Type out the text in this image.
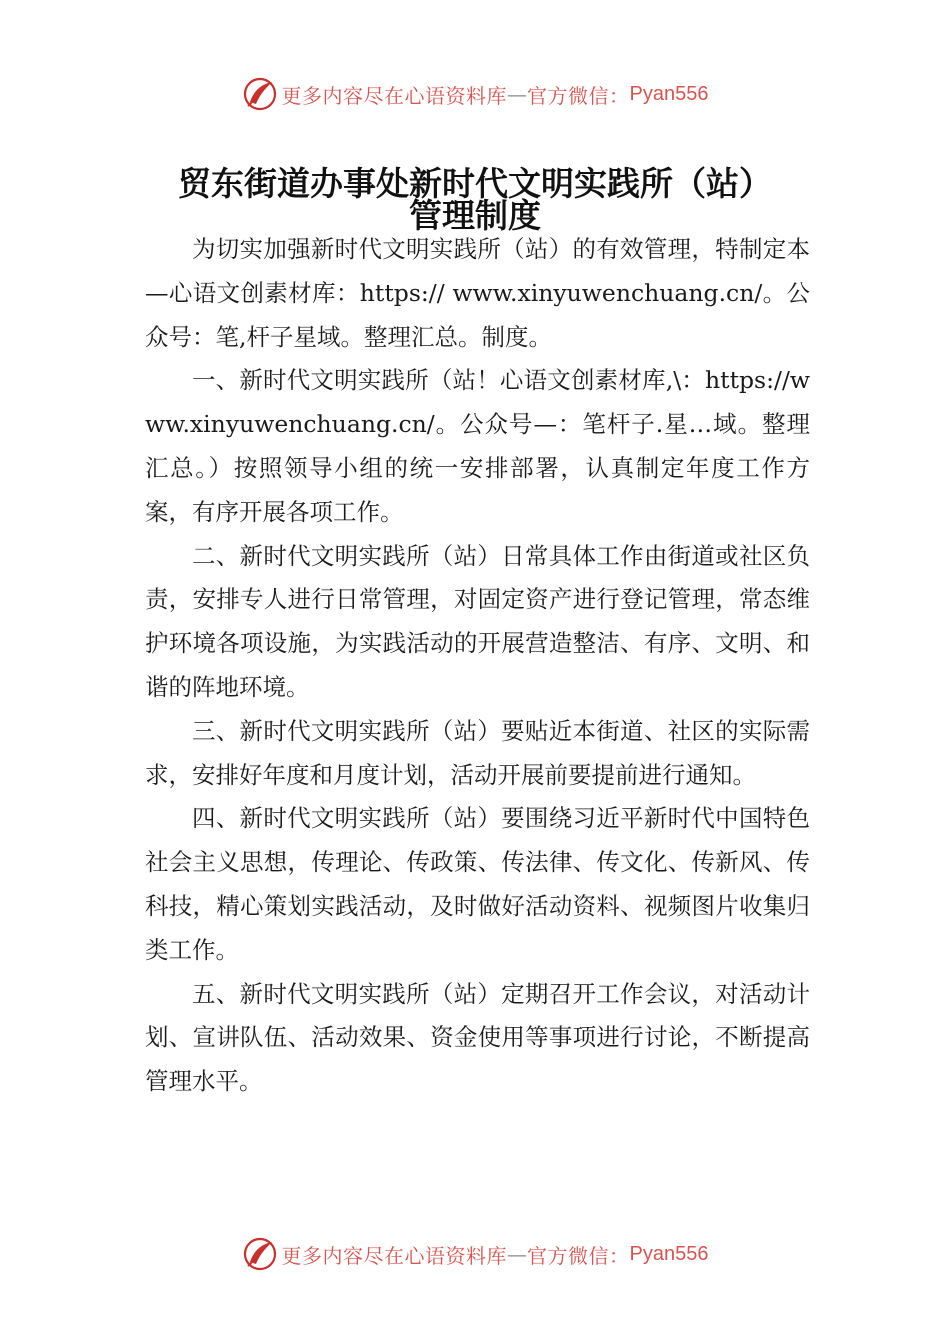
更多内容尽在心语资料库 — 官方微信： Pyan556
贸东街道办事处新时代文明实践所（站）
管理制度

为切实加强新时代文明实践所（站）的有效管理，特制定本—心语文创素材库：https:// www.xinyuwenchuang.cn/。公众号：笔,杆子星域。整理汇总。制度。

一、新时代文明实践所（站！心语文创素材库,\：https://www.xinyuwenchuang.cn/。公众号—：笔杆子.星…域。整理汇总。）按照领导小组的统一安排部署，认真制定年度工作方案，有序开展各项工作。

二、新时代文明实践所（站）日常具体工作由街道或社区负责，安排专人进行日常管理，对固定资产进行登记管理，常态维护环境各项设施，为实践活动的开展营造整洁、有序、文明、和谐的阵地环境。

三、新时代文明实践所（站）要贴近本街道、社区的实际需求，安排好年度和月度计划，活动开展前要提前进行通知。

四、新时代文明实践所（站）要围绕习近平新时代中国特色社会主义思想，传理论、传政策、传法律、传文化、传新风、传科技，精心策划实践活动，及时做好活动资料、视频图片收集归类工作。

五、新时代文明实践所（站）定期召开工作会议，对活动计划、宣讲队伍、活动效果、资金使用等事项进行讨论，不断提高管理水平。

更多内容尽在心语资料库 — 官方微信： Pyan556
